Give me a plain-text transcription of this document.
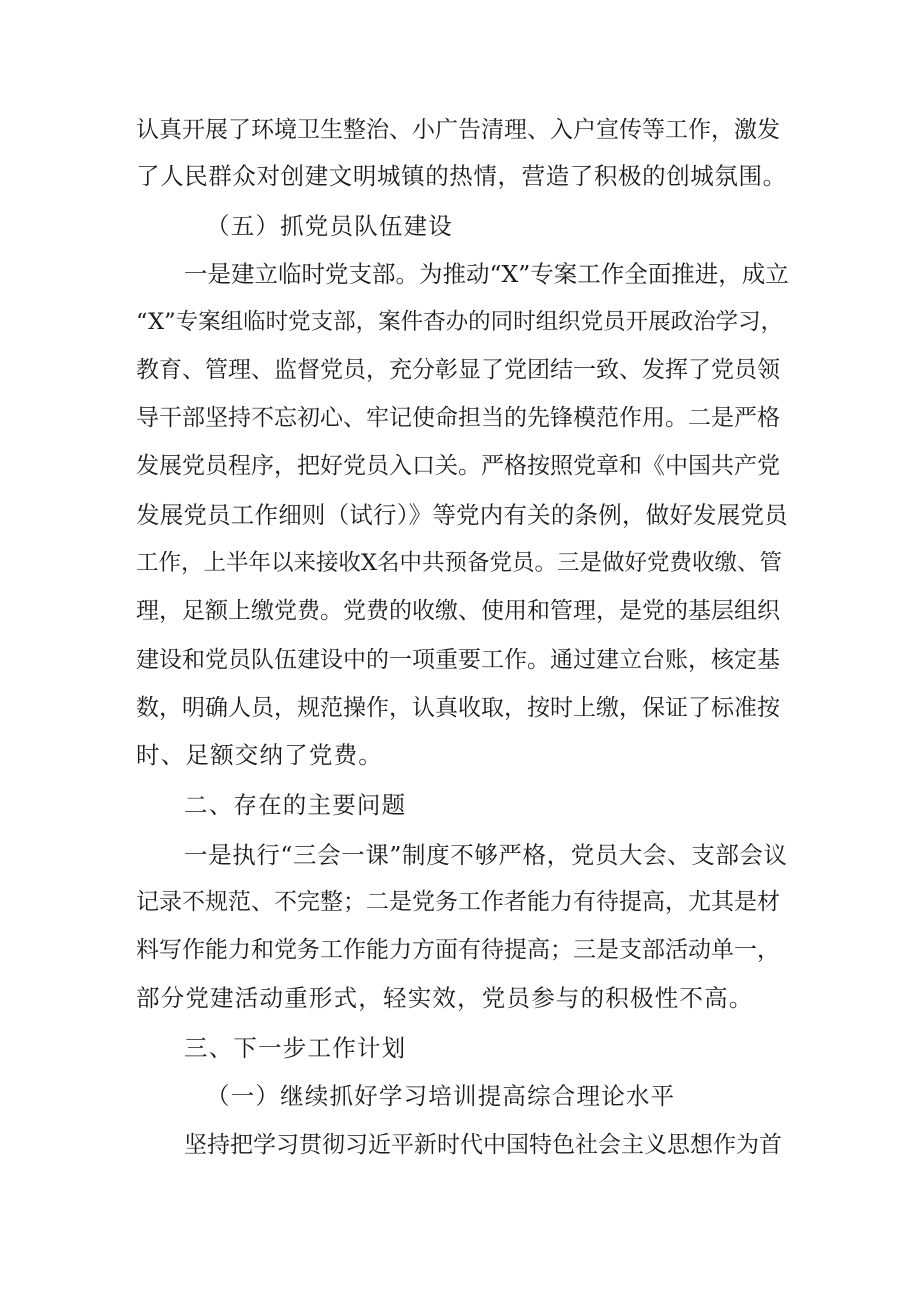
认真开展了环境卫生整治、小广告清理、入户宣传等工作，激发
了人民群众对创建文明城镇的热情，营造了积极的创城氛围。
（五）抓党员队伍建设
一是建立临时党支部。为推动“X”专案工作全面推进，成立
“X”专案组临时党支部，案件杳办的同时组织党员开展政治学习，
教育、管理、监督党员，充分彰显了党团结一致、发挥了党员领
导干部坚持不忘初心、牢记使命担当的先锋模范作用。二是严格
发展党员程序，把好党员入口关。严格按照党章和《中国共产党
发展党员工作细则（试行）》等党内有关的条例，做好发展党员
工作，上半年以来接收X名中共预备党员。三是做好党费收缴、管
理，足额上缴党费。党费的收缴、使用和管理，是党的基层组织
建设和党员队伍建设中的一项重要工作。通过建立台账，核定基
数，明确人员，规范操作，认真收取，按时上缴，保证了标准按
时、足额交纳了党费。
二、存在的主要问题
一是执行“三会一课”制度不够严格，党员大会、支部会议
记录不规范、不完整；二是党务工作者能力有待提高，尤其是材
料写作能力和党务工作能力方面有待提高；三是支部活动单一，
部分党建活动重形式，轻实效，党员参与的积极性不高。
三、下一步工作计划
（一）继续抓好学习培训提高综合理论水平
坚持把学习贯彻习近平新时代中国特色社会主义思想作为首
